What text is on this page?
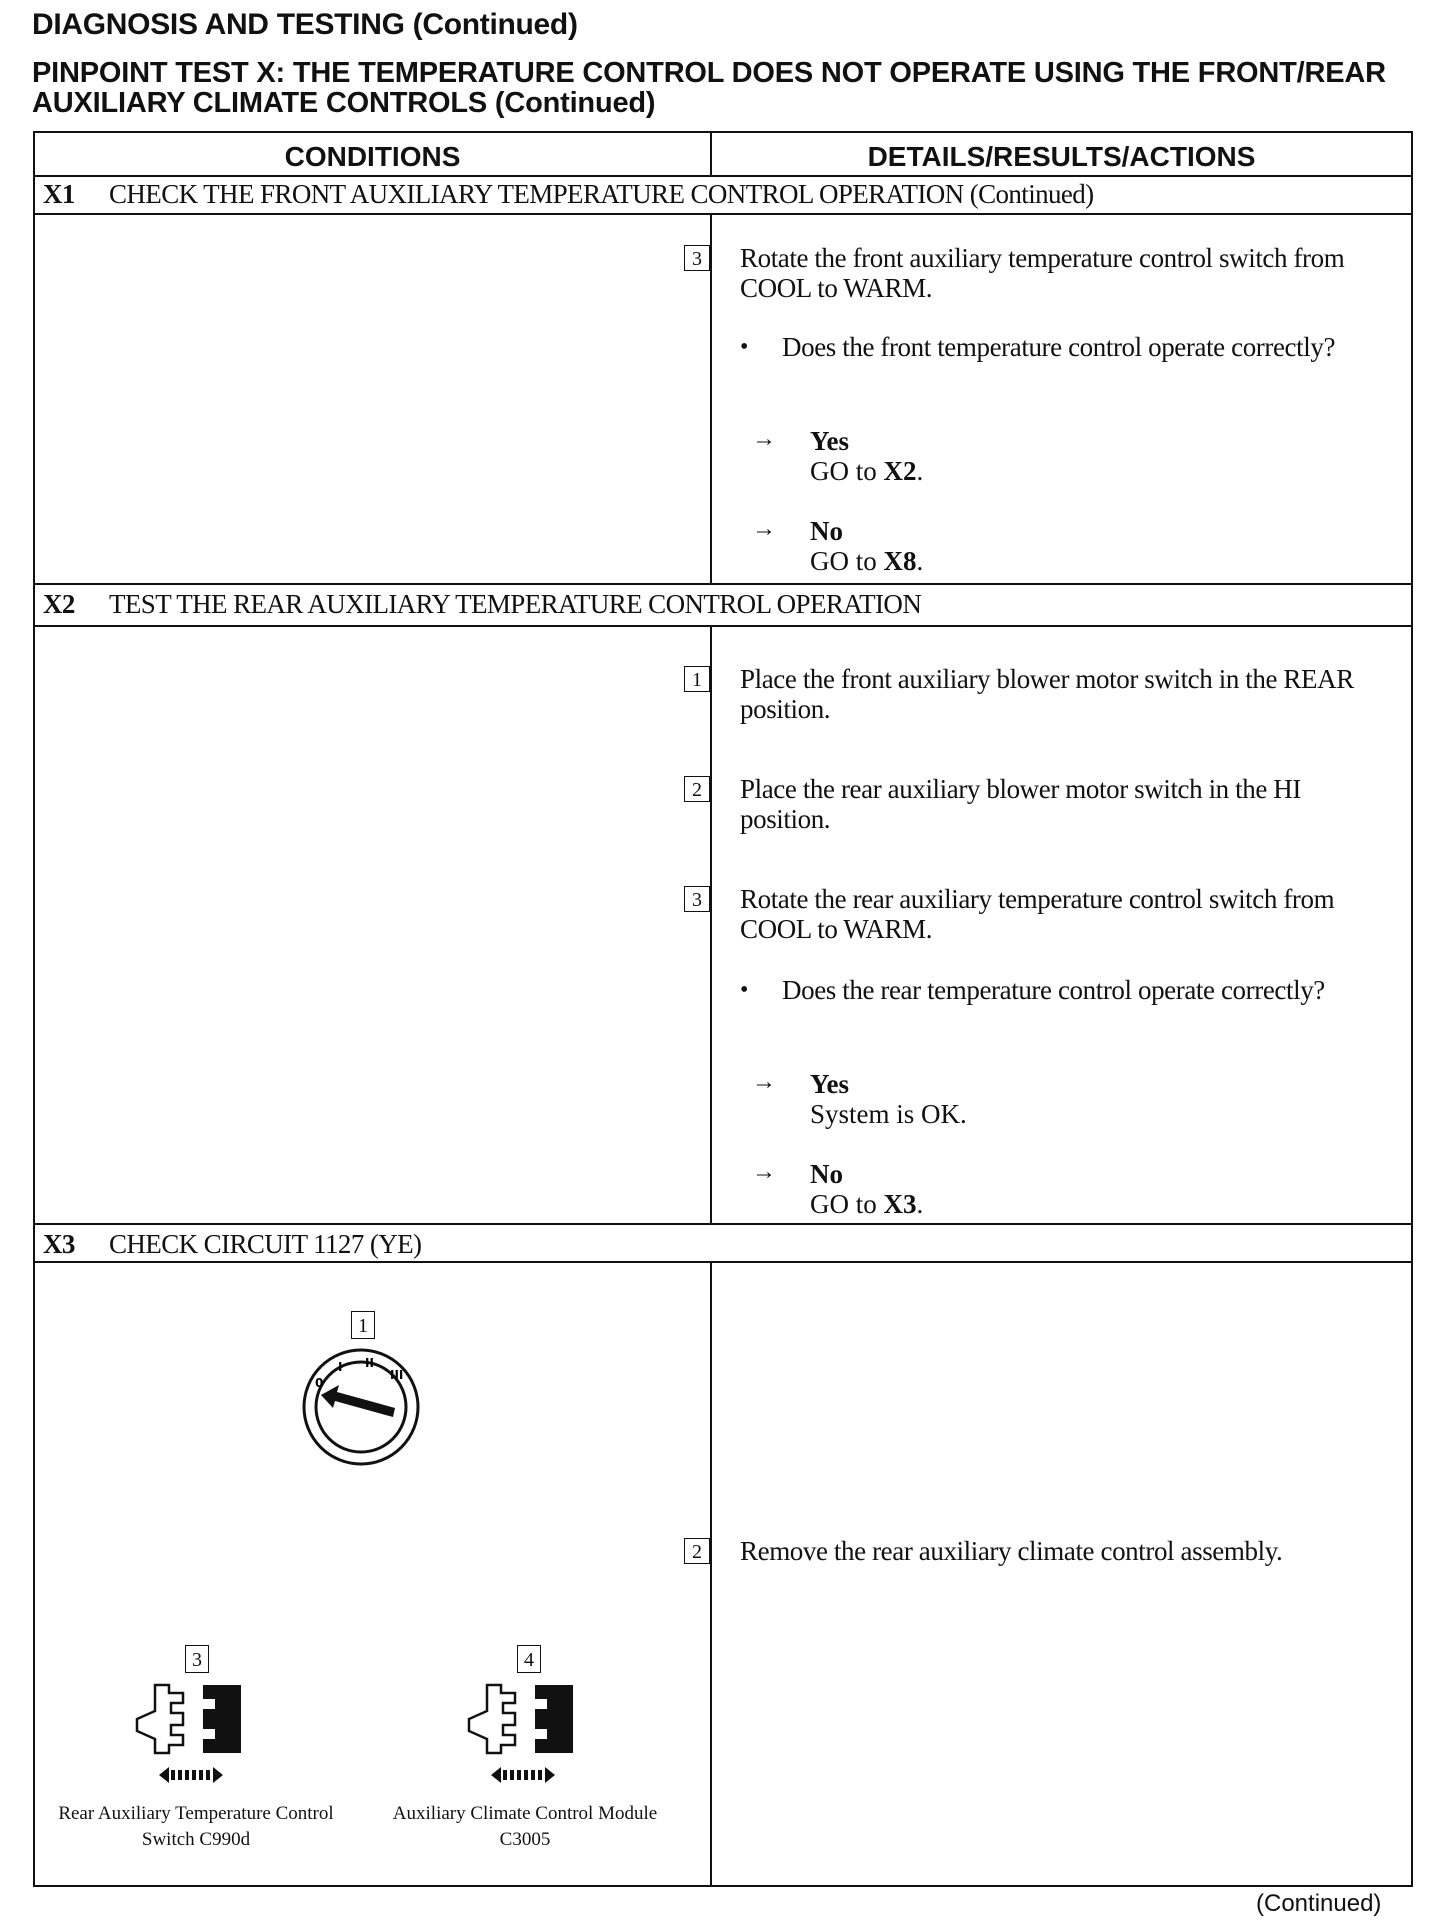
DIAGNOSIS AND TESTING (Continued)
PINPOINT TEST X: THE TEMPERATURE CONTROL DOES NOT OPERATE USING THE FRONT/REAR AUXILIARY CLIMATE CONTROLS (Continued)
CONDITIONS	DETAILS/RESULTS/ACTIONS
X1 CHECK THE FRONT AUXILIARY TEMPERATURE CONTROL OPERATION (Continued)
X2 TEST THE REAR AUXILIARY TEMPERATURE CONTROL OPERATION
X3 CHECK CIRCUIT 1127 (YE)
1
0
I II
III
3
Rear Auxiliary Temperature Control
Switch C990d
4
Auxiliary Climate Control Module
C3005
3 Rotate the front auxiliary temperature control switch from COOL to WARM.
• Does the front temperature control operate correctly?
→ Yes
GO to X2.
→ No
GO to X8.
1 Place the front auxiliary blower motor switch in the REAR position.
2 Place the rear auxiliary blower motor switch in the HI position.
3 Rotate the rear auxiliary temperature control switch from COOL to WARM.
• Does the rear temperature control operate correctly?
→ Yes
System is OK.
→ No
GO to X3.
2 Remove the rear auxiliary climate control assembly.
(Continued)
